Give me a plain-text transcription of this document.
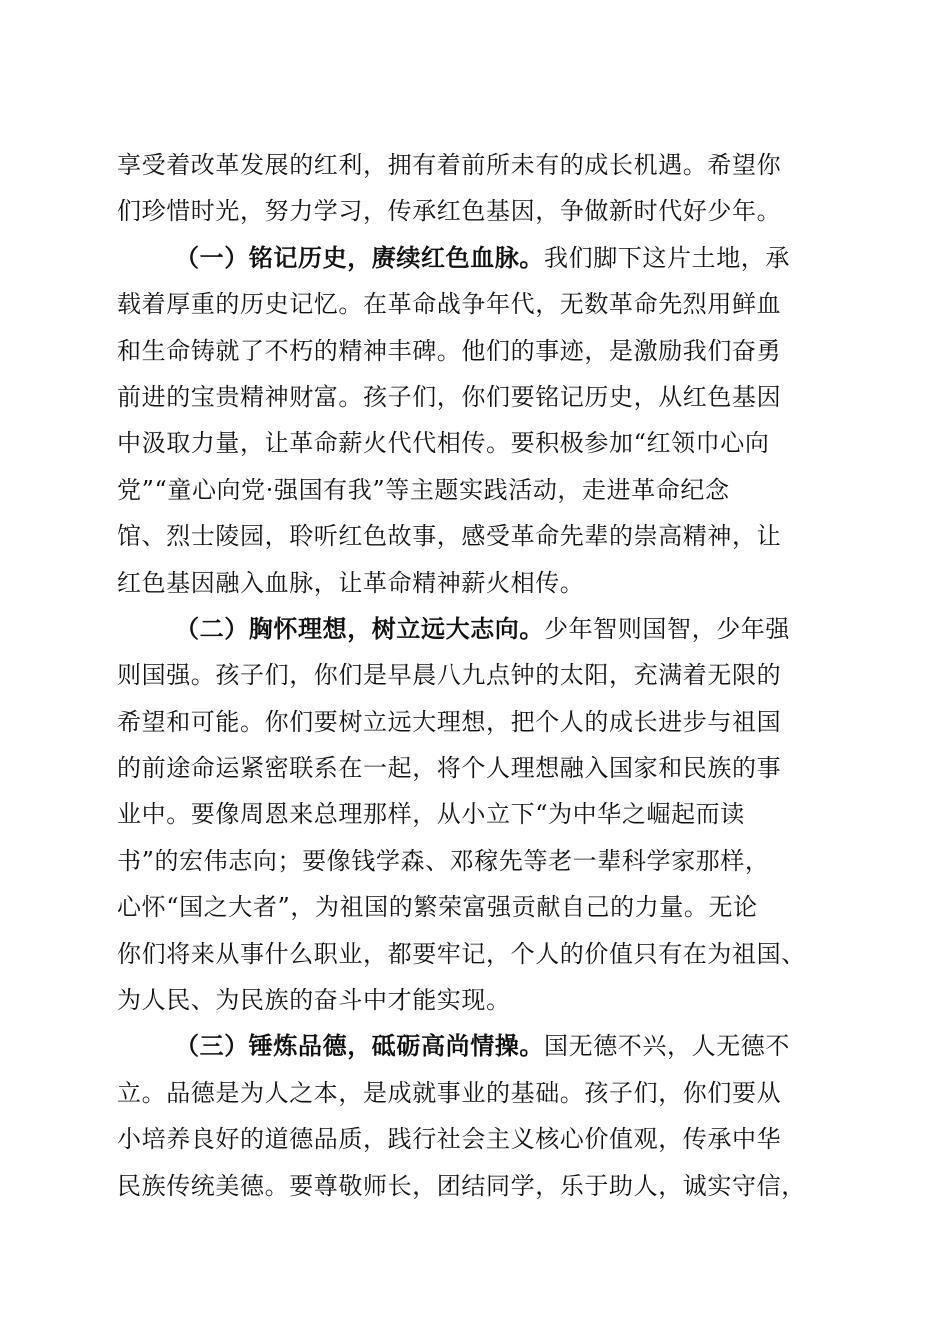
享受着改革发展的红利，拥有着前所未有的成长机遇。希望你
们珍惜时光，努力学习，传承红色基因，争做新时代好少年。
（一）铭记历史，赓续红色血脉。我们脚下这片土地，承
载着厚重的历史记忆。在革命战争年代，无数革命先烈用鲜血
和生命铸就了不朽的精神丰碑。他们的事迹，是激励我们奋勇
前进的宝贵精神财富。孩子们，你们要铭记历史，从红色基因
中汲取力量，让革命薪火代代相传。要积极参加“红领巾心向
党”“童心向党·强国有我”等主题实践活动，走进革命纪念
馆、烈士陵园，聆听红色故事，感受革命先辈的崇高精神，让
红色基因融入血脉，让革命精神薪火相传。
（二）胸怀理想，树立远大志向。少年智则国智，少年强
则国强。孩子们，你们是早晨八九点钟的太阳，充满着无限的
希望和可能。你们要树立远大理想，把个人的成长进步与祖国
的前途命运紧密联系在一起，将个人理想融入国家和民族的事
业中。要像周恩来总理那样，从小立下“为中华之崛起而读
书”的宏伟志向；要像钱学森、邓稼先等老一辈科学家那样，
心怀“国之大者”，为祖国的繁荣富强贡献自己的力量。无论
你们将来从事什么职业，都要牢记，个人的价值只有在为祖国、
为人民、为民族的奋斗中才能实现。
（三）锤炼品德，砥砺高尚情操。国无德不兴，人无德不
立。品德是为人之本，是成就事业的基础。孩子们，你们要从
小培养良好的道德品质，践行社会主义核心价值观，传承中华
民族传统美德。要尊敬师长，团结同学，乐于助人，诚实守信，
